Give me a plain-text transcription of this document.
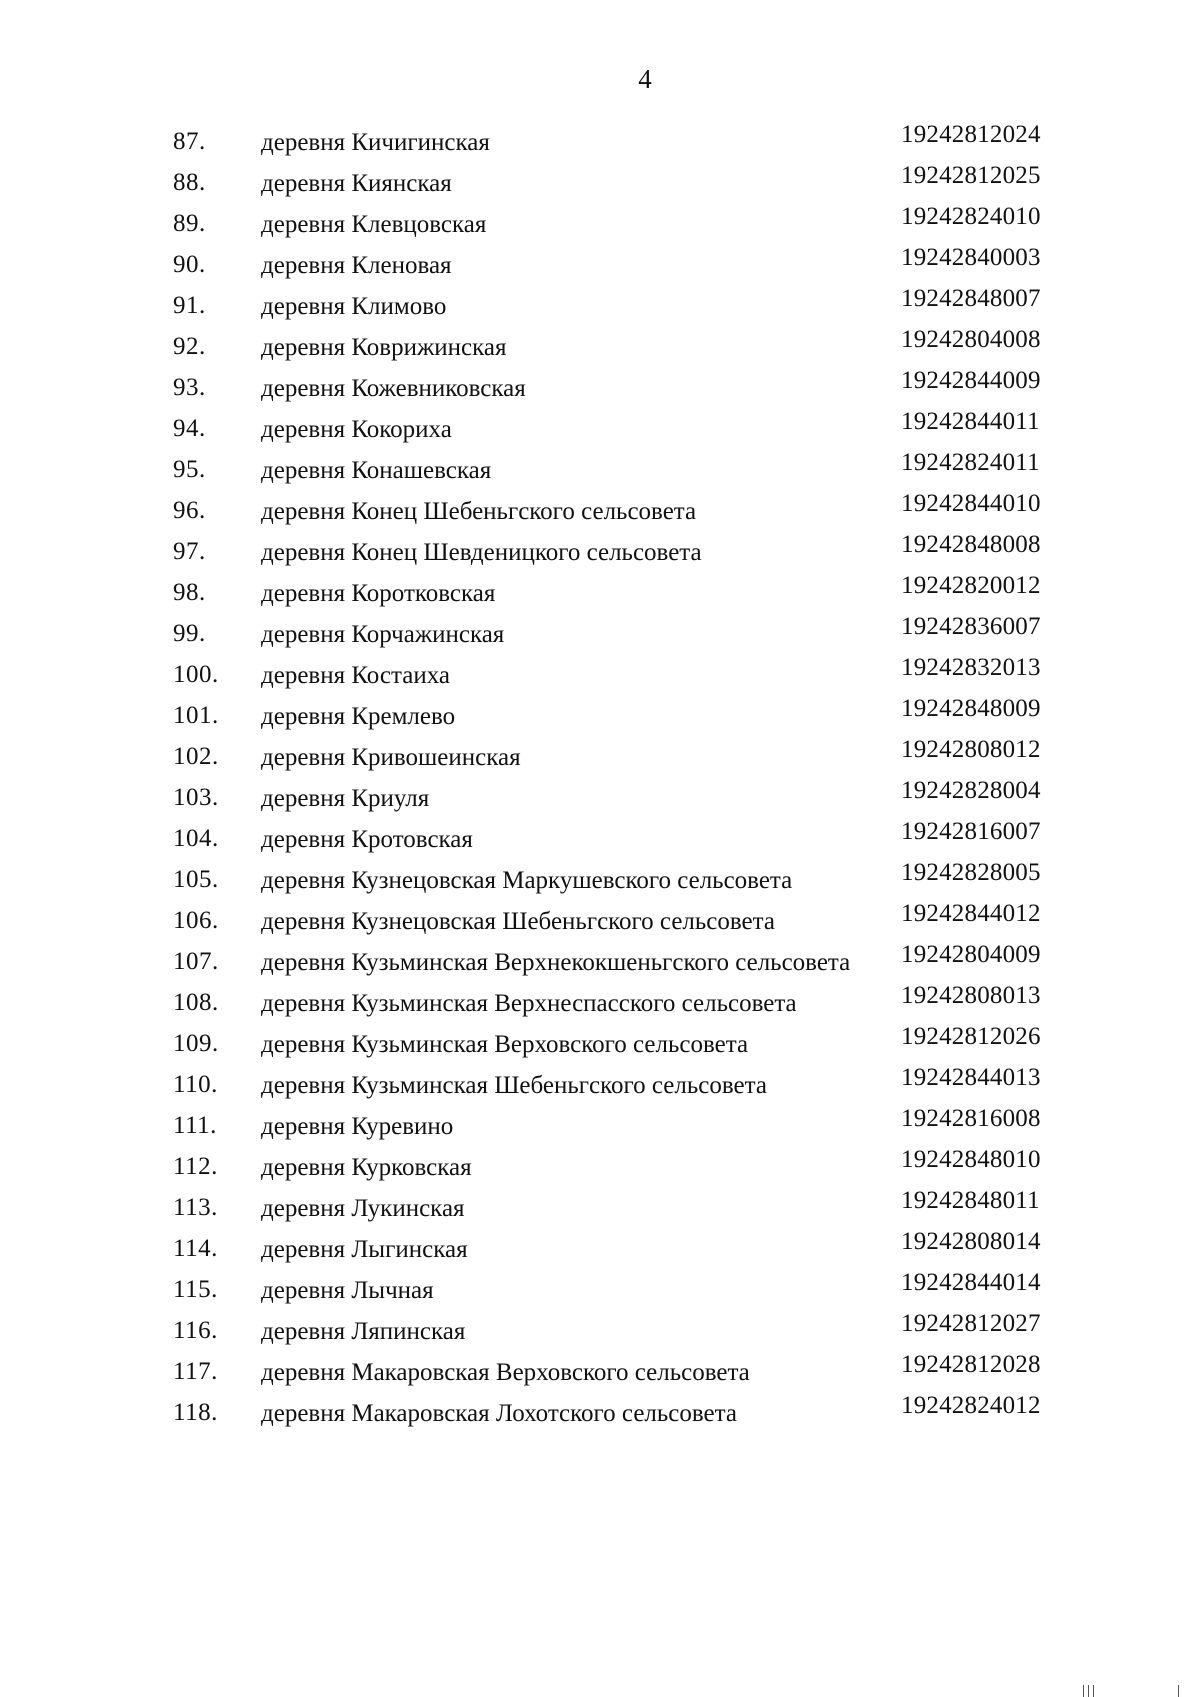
4
87.	деревня Кичигинская	19242812024
88.	деревня Киянская	19242812025
89.	деревня Клевцовская	19242824010
90.	деревня Кленовая	19242840003
91.	деревня Климово	19242848007
92.	деревня Коврижинская	19242804008
93.	деревня Кожевниковская	19242844009
94.	деревня Кокориха	19242844011
95.	деревня Конашевская	19242824011
96.	деревня Конец Шебеньгского сельсовета	19242844010
97.	деревня Конец Шевденицкого сельсовета	19242848008
98.	деревня Коротковская	19242820012
99.	деревня Корчажинская	19242836007
100.	деревня Костаиха	19242832013
101.	деревня Кремлево	19242848009
102.	деревня Кривошеинская	19242808012
103.	деревня Криуля	19242828004
104.	деревня Кротовская	19242816007
105.	деревня Кузнецовская Маркушевского сельсовета	19242828005
106.	деревня Кузнецовская Шебеньгского сельсовета	19242844012
107.	деревня Кузьминская Верхнекокшеньгского сельсовета	19242804009
108.	деревня Кузьминская Верхнеспасского сельсовета	19242808013
109.	деревня Кузьминская Верховского сельсовета	19242812026
110.	деревня Кузьминская Шебеньгского сельсовета	19242844013
111.	деревня Куревино	19242816008
112.	деревня Курковская	19242848010
113.	деревня Лукинская	19242848011
114.	деревня Лыгинская	19242808014
115.	деревня Лычная	19242844014
116.	деревня Ляпинская	19242812027
117.	деревня Макаровская Верховского сельсовета	19242812028
118.	деревня Макаровская Лохотского сельсовета	19242824012
